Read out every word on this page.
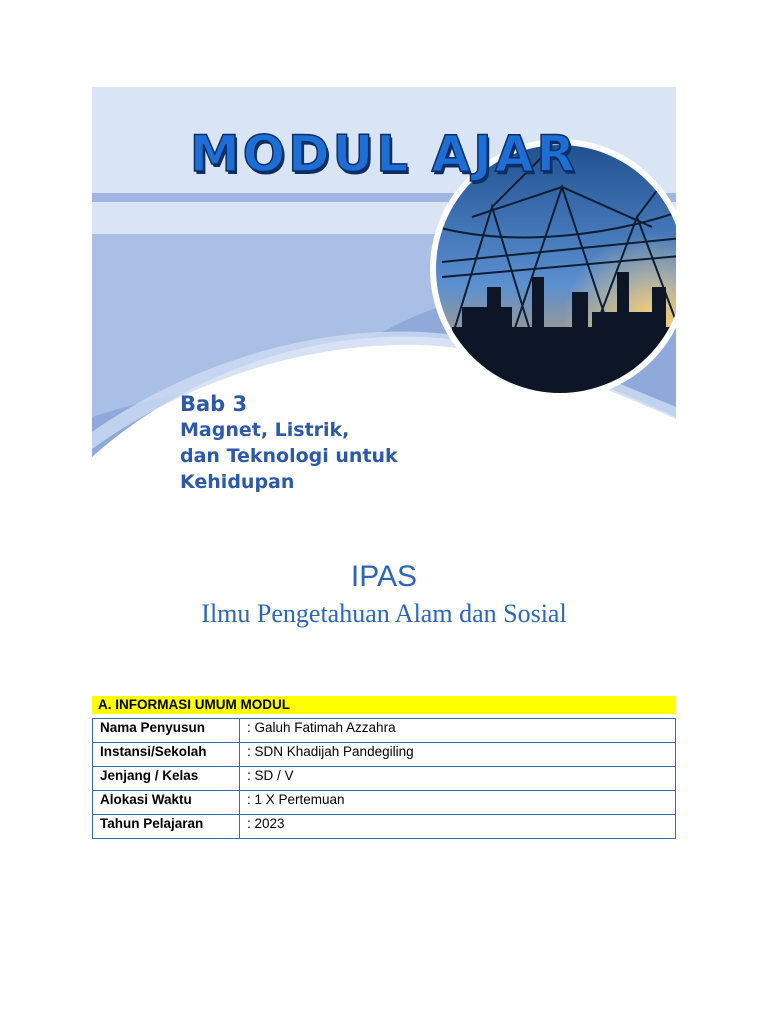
MODUL AJAR
Bab 3
Magnet, Listrik,
dan Teknologi untuk
Kehidupan
IPAS
Ilmu Pengetahuan Alam dan Sosial
A. INFORMASI UMUM MODUL
Nama Penyusun	: Galuh Fatimah Azzahra
Instansi/Sekolah	: SDN Khadijah Pandegiling
Jenjang / Kelas	: SD / V
Alokasi Waktu	: 1 X Pertemuan
Tahun Pelajaran	: 2023
